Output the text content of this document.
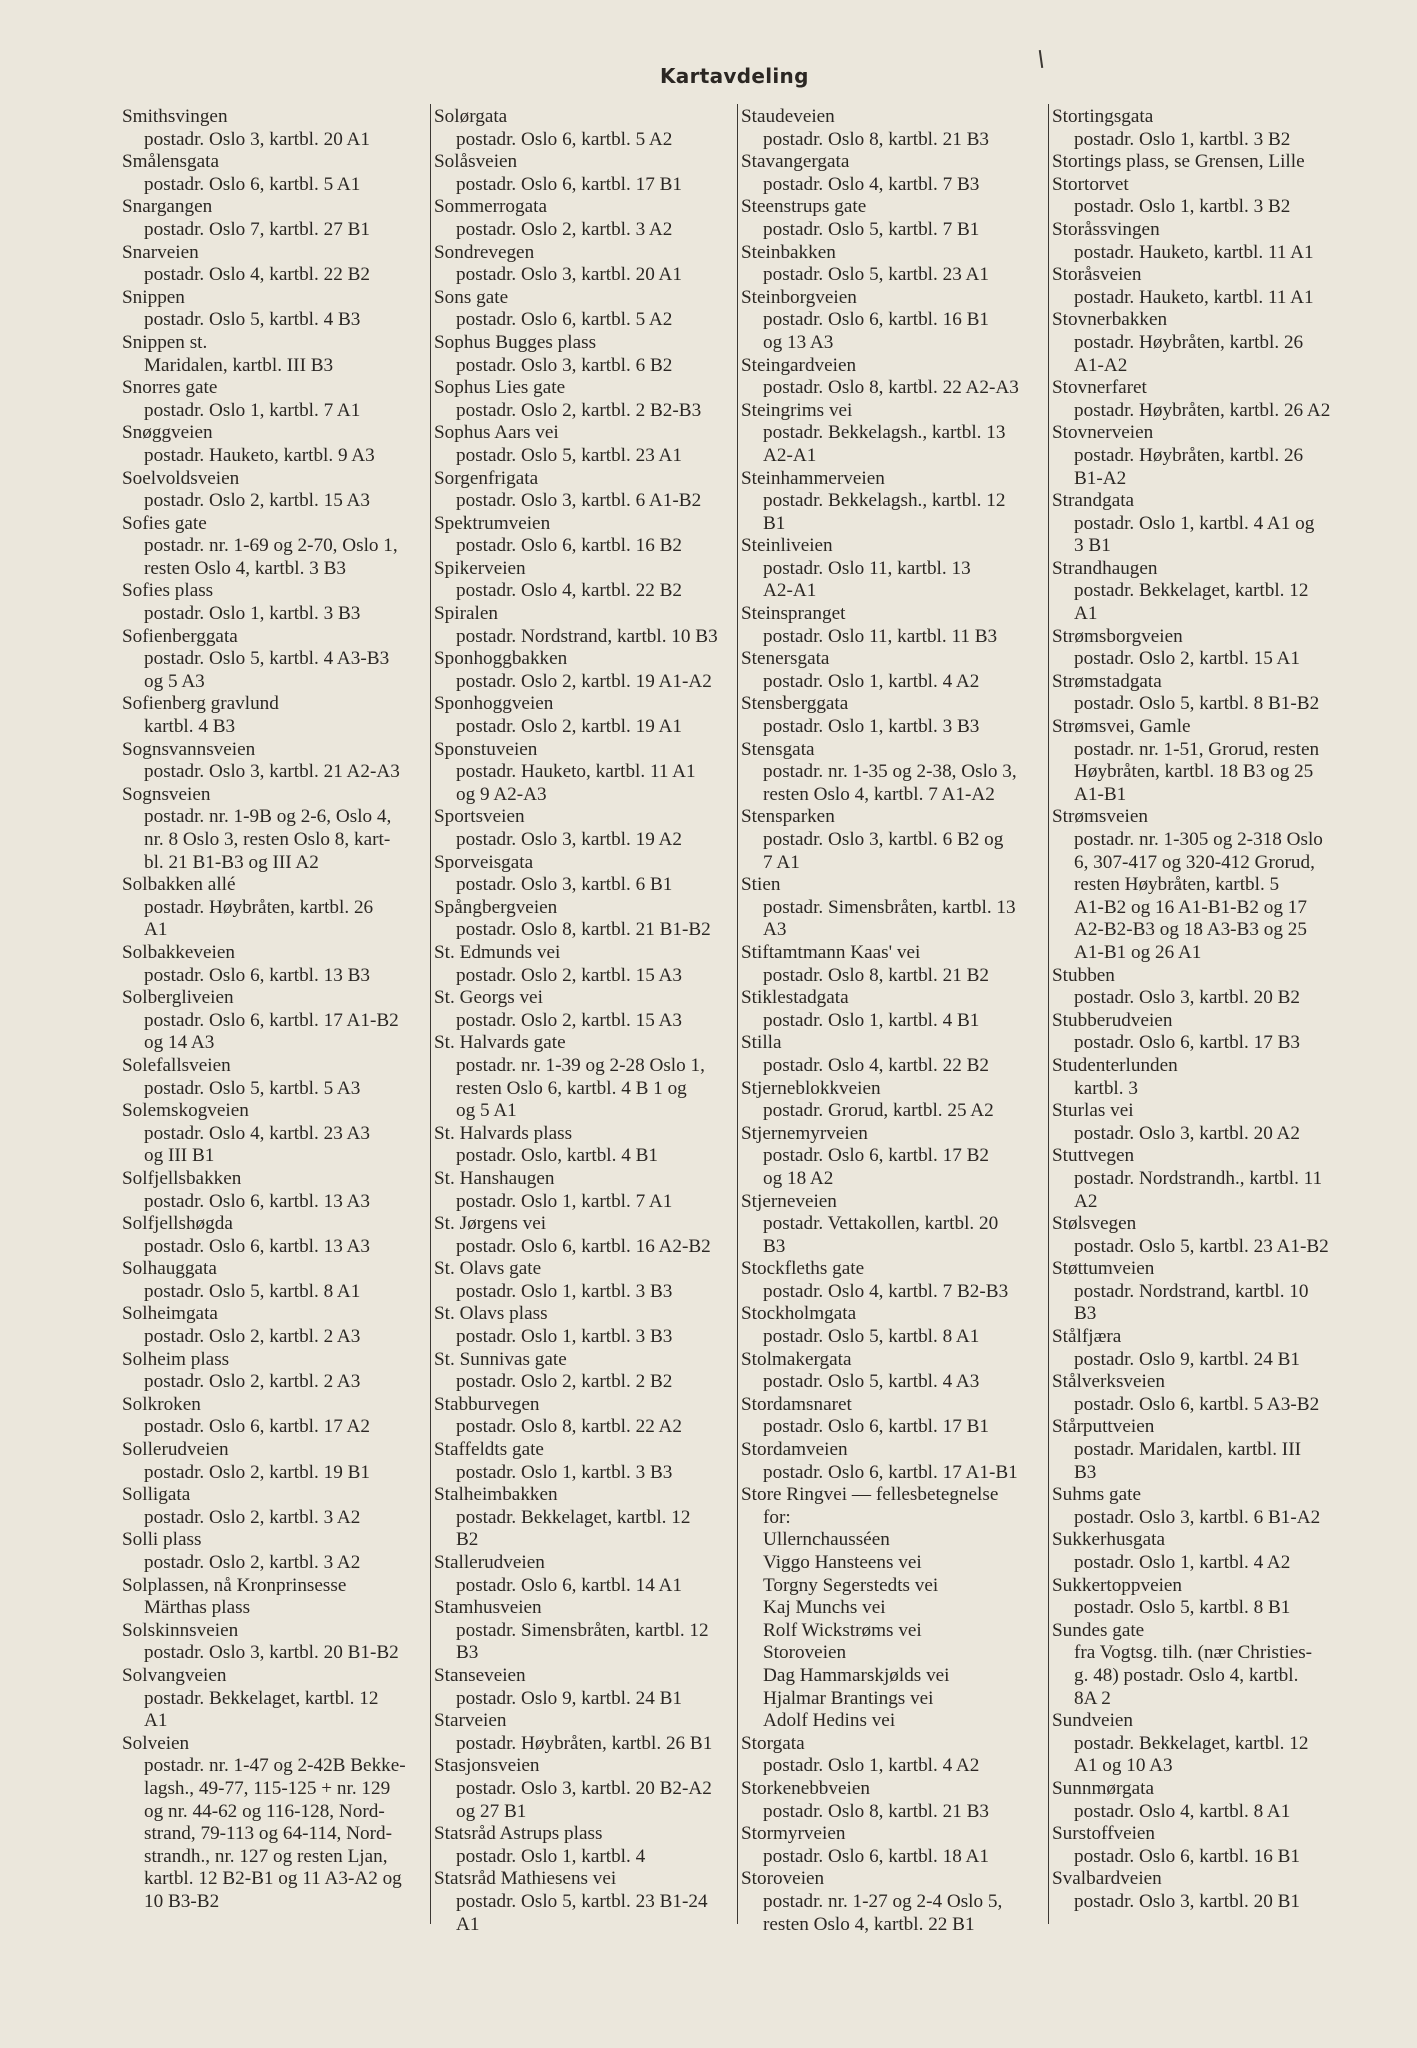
Kartavdeling
Smithsvingen
postadr. Oslo 3, kartbl. 20 A1
Smålensgata
postadr. Oslo 6, kartbl. 5 A1
Snargangen
postadr. Oslo 7, kartbl. 27 B1
Snarveien
postadr. Oslo 4, kartbl. 22 B2
Snippen
postadr. Oslo 5, kartbl. 4 B3
Snippen st.
Maridalen, kartbl. III B3
Snorres gate
postadr. Oslo 1, kartbl. 7 A1
Snøggveien
postadr. Hauketo, kartbl. 9 A3
Soelvoldsveien
postadr. Oslo 2, kartbl. 15 A3
Sofies gate
postadr. nr. 1-69 og 2-70, Oslo 1,
resten Oslo 4, kartbl. 3 B3
Sofies plass
postadr. Oslo 1, kartbl. 3 B3
Sofienberggata
postadr. Oslo 5, kartbl. 4 A3-B3
og 5 A3
Sofienberg gravlund
kartbl. 4 B3
Sognsvannsveien
postadr. Oslo 3, kartbl. 21 A2-A3
Sognsveien
postadr. nr. 1-9B og 2-6, Oslo 4,
nr. 8 Oslo 3, resten Oslo 8, kart-
bl. 21 B1-B3 og III A2
Solbakken allé
postadr. Høybråten, kartbl. 26
A1
Solbakkeveien
postadr. Oslo 6, kartbl. 13 B3
Solbergliveien
postadr. Oslo 6, kartbl. 17 A1-B2
og 14 A3
Solefallsveien
postadr. Oslo 5, kartbl. 5 A3
Solemskogveien
postadr. Oslo 4, kartbl. 23 A3
og III B1
Solfjellsbakken
postadr. Oslo 6, kartbl. 13 A3
Solfjellshøgda
postadr. Oslo 6, kartbl. 13 A3
Solhauggata
postadr. Oslo 5, kartbl. 8 A1
Solheimgata
postadr. Oslo 2, kartbl. 2 A3
Solheim plass
postadr. Oslo 2, kartbl. 2 A3
Solkroken
postadr. Oslo 6, kartbl. 17 A2
Sollerudveien
postadr. Oslo 2, kartbl. 19 B1
Solligata
postadr. Oslo 2, kartbl. 3 A2
Solli plass
postadr. Oslo 2, kartbl. 3 A2
Solplassen, nå Kronprinsesse
Märthas plass
Solskinnsveien
postadr. Oslo 3, kartbl. 20 B1-B2
Solvangveien
postadr. Bekkelaget, kartbl. 12
A1
Solveien
postadr. nr. 1-47 og 2-42B Bekke-
lagsh., 49-77, 115-125 + nr. 129
og nr. 44-62 og 116-128, Nord-
strand, 79-113 og 64-114, Nord-
strandh., nr. 127 og resten Ljan,
kartbl. 12 B2-B1 og 11 A3-A2 og
10 B3-B2
Solørgata
postadr. Oslo 6, kartbl. 5 A2
Solåsveien
postadr. Oslo 6, kartbl. 17 B1
Sommerrogata
postadr. Oslo 2, kartbl. 3 A2
Sondrevegen
postadr. Oslo 3, kartbl. 20 A1
Sons gate
postadr. Oslo 6, kartbl. 5 A2
Sophus Bugges plass
postadr. Oslo 3, kartbl. 6 B2
Sophus Lies gate
postadr. Oslo 2, kartbl. 2 B2-B3
Sophus Aars vei
postadr. Oslo 5, kartbl. 23 A1
Sorgenfrigata
postadr. Oslo 3, kartbl. 6 A1-B2
Spektrumveien
postadr. Oslo 6, kartbl. 16 B2
Spikerveien
postadr. Oslo 4, kartbl. 22 B2
Spiralen
postadr. Nordstrand, kartbl. 10 B3
Sponhoggbakken
postadr. Oslo 2, kartbl. 19 A1-A2
Sponhoggveien
postadr. Oslo 2, kartbl. 19 A1
Sponstuveien
postadr. Hauketo, kartbl. 11 A1
og 9 A2-A3
Sportsveien
postadr. Oslo 3, kartbl. 19 A2
Sporveisgata
postadr. Oslo 3, kartbl. 6 B1
Spångbergveien
postadr. Oslo 8, kartbl. 21 B1-B2
St. Edmunds vei
postadr. Oslo 2, kartbl. 15 A3
St. Georgs vei
postadr. Oslo 2, kartbl. 15 A3
St. Halvards gate
postadr. nr. 1-39 og 2-28 Oslo 1,
resten Oslo 6, kartbl. 4 B 1 og
og 5 A1
St. Halvards plass
postadr. Oslo, kartbl. 4 B1
St. Hanshaugen
postadr. Oslo 1, kartbl. 7 A1
St. Jørgens vei
postadr. Oslo 6, kartbl. 16 A2-B2
St. Olavs gate
postadr. Oslo 1, kartbl. 3 B3
St. Olavs plass
postadr. Oslo 1, kartbl. 3 B3
St. Sunnivas gate
postadr. Oslo 2, kartbl. 2 B2
Stabburvegen
postadr. Oslo 8, kartbl. 22 A2
Staffeldts gate
postadr. Oslo 1, kartbl. 3 B3
Stalheimbakken
postadr. Bekkelaget, kartbl. 12
B2
Stallerudveien
postadr. Oslo 6, kartbl. 14 A1
Stamhusveien
postadr. Simensbråten, kartbl. 12
B3
Stanseveien
postadr. Oslo 9, kartbl. 24 B1
Starveien
postadr. Høybråten, kartbl. 26 B1
Stasjonsveien
postadr. Oslo 3, kartbl. 20 B2-A2
og 27 B1
Statsråd Astrups plass
postadr. Oslo 1, kartbl. 4
Statsråd Mathiesens vei
postadr. Oslo 5, kartbl. 23 B1-24
A1
Staudeveien
postadr. Oslo 8, kartbl. 21 B3
Stavangergata
postadr. Oslo 4, kartbl. 7 B3
Steenstrups gate
postadr. Oslo 5, kartbl. 7 B1
Steinbakken
postadr. Oslo 5, kartbl. 23 A1
Steinborgveien
postadr. Oslo 6, kartbl. 16 B1
og 13 A3
Steingardveien
postadr. Oslo 8, kartbl. 22 A2-A3
Steingrims vei
postadr. Bekkelagsh., kartbl. 13
A2-A1
Steinhammerveien
postadr. Bekkelagsh., kartbl. 12
B1
Steinliveien
postadr. Oslo 11, kartbl. 13
A2-A1
Steinspranget
postadr. Oslo 11, kartbl. 11 B3
Stenersgata
postadr. Oslo 1, kartbl. 4 A2
Stensberggata
postadr. Oslo 1, kartbl. 3 B3
Stensgata
postadr. nr. 1-35 og 2-38, Oslo 3,
resten Oslo 4, kartbl. 7 A1-A2
Stensparken
postadr. Oslo 3, kartbl. 6 B2 og
7 A1
Stien
postadr. Simensbråten, kartbl. 13
A3
Stiftamtmann Kaas' vei
postadr. Oslo 8, kartbl. 21 B2
Stiklestadgata
postadr. Oslo 1, kartbl. 4 B1
Stilla
postadr. Oslo 4, kartbl. 22 B2
Stjerneblokkveien
postadr. Grorud, kartbl. 25 A2
Stjernemyrveien
postadr. Oslo 6, kartbl. 17 B2
og 18 A2
Stjerneveien
postadr. Vettakollen, kartbl. 20
B3
Stockfleths gate
postadr. Oslo 4, kartbl. 7 B2-B3
Stockholmgata
postadr. Oslo 5, kartbl. 8 A1
Stolmakergata
postadr. Oslo 5, kartbl. 4 A3
Stordamsnaret
postadr. Oslo 6, kartbl. 17 B1
Stordamveien
postadr. Oslo 6, kartbl. 17 A1-B1
Store Ringvei — fellesbetegnelse
for:
Ullernchausséen
Viggo Hansteens vei
Torgny Segerstedts vei
Kaj Munchs vei
Rolf Wickstrøms vei
Storoveien
Dag Hammarskjølds vei
Hjalmar Brantings vei
Adolf Hedins vei
Storgata
postadr. Oslo 1, kartbl. 4 A2
Storkenebbveien
postadr. Oslo 8, kartbl. 21 B3
Stormyrveien
postadr. Oslo 6, kartbl. 18 A1
Storoveien
postadr. nr. 1-27 og 2-4 Oslo 5,
resten Oslo 4, kartbl. 22 B1
Stortingsgata
postadr. Oslo 1, kartbl. 3 B2
Stortings plass, se Grensen, Lille
Stortorvet
postadr. Oslo 1, kartbl. 3 B2
Storåssvingen
postadr. Hauketo, kartbl. 11 A1
Storåsveien
postadr. Hauketo, kartbl. 11 A1
Stovnerbakken
postadr. Høybråten, kartbl. 26
A1-A2
Stovnerfaret
postadr. Høybråten, kartbl. 26 A2
Stovnerveien
postadr. Høybråten, kartbl. 26
B1-A2
Strandgata
postadr. Oslo 1, kartbl. 4 A1 og
3 B1
Strandhaugen
postadr. Bekkelaget, kartbl. 12
A1
Strømsborgveien
postadr. Oslo 2, kartbl. 15 A1
Strømstadgata
postadr. Oslo 5, kartbl. 8 B1-B2
Strømsvei, Gamle
postadr. nr. 1-51, Grorud, resten
Høybråten, kartbl. 18 B3 og 25
A1-B1
Strømsveien
postadr. nr. 1-305 og 2-318 Oslo
6, 307-417 og 320-412 Grorud,
resten Høybråten, kartbl. 5
A1-B2 og 16 A1-B1-B2 og 17
A2-B2-B3 og 18 A3-B3 og 25
A1-B1 og 26 A1
Stubben
postadr. Oslo 3, kartbl. 20 B2
Stubberudveien
postadr. Oslo 6, kartbl. 17 B3
Studenterlunden
kartbl. 3
Sturlas vei
postadr. Oslo 3, kartbl. 20 A2
Stuttvegen
postadr. Nordstrandh., kartbl. 11
A2
Stølsvegen
postadr. Oslo 5, kartbl. 23 A1-B2
Støttumveien
postadr. Nordstrand, kartbl. 10
B3
Stålfjæra
postadr. Oslo 9, kartbl. 24 B1
Stålverksveien
postadr. Oslo 6, kartbl. 5 A3-B2
Stårputtveien
postadr. Maridalen, kartbl. III
B3
Suhms gate
postadr. Oslo 3, kartbl. 6 B1-A2
Sukkerhusgata
postadr. Oslo 1, kartbl. 4 A2
Sukkertoppveien
postadr. Oslo 5, kartbl. 8 B1
Sundes gate
fra Vogtsg. tilh. (nær Christies-
g. 48) postadr. Oslo 4, kartbl.
8A 2
Sundveien
postadr. Bekkelaget, kartbl. 12
A1 og 10 A3
Sunnmørgata
postadr. Oslo 4, kartbl. 8 A1
Surstoffveien
postadr. Oslo 6, kartbl. 16 B1
Svalbardveien
postadr. Oslo 3, kartbl. 20 B1
